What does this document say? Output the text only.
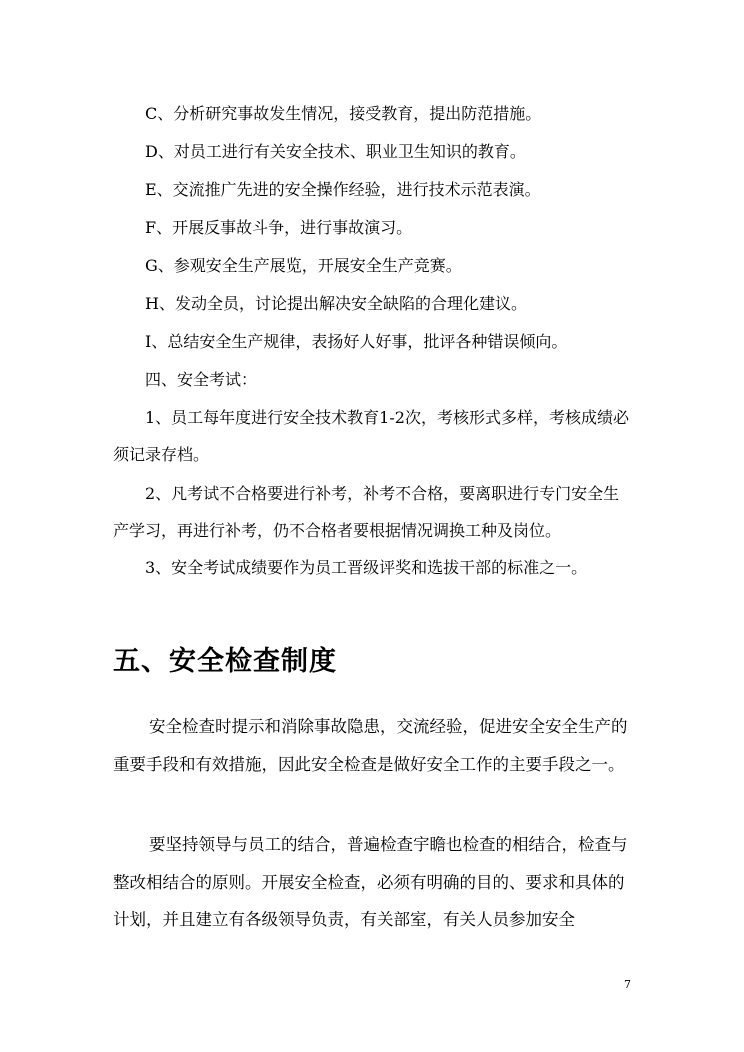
C、分析研究事故发生情况，接受教育，提出防范措施。

D、对员工进行有关安全技术、职业卫生知识的教育。

E、交流推广先进的安全操作经验，进行技术示范表演。

F、开展反事故斗争，进行事故演习。

G、参观安全生产展览，开展安全生产竞赛。

H、发动全员，讨论提出解决安全缺陷的合理化建议。

I、总结安全生产规律，表扬好人好事，批评各种错误倾向。

四、安全考试：

1、员工每年度进行安全技术教育1-2次，考核形式多样，考核成绩必须记录存档。

2、凡考试不合格要进行补考，补考不合格，要离职进行专门安全生产学习，再进行补考，仍不合格者要根据情况调换工种及岗位。

3、安全考试成绩要作为员工晋级评奖和选拔干部的标准之一。

五、安全检查制度

安全检查时提示和消除事故隐患，交流经验，促进安全安全生产的重要手段和有效措施，因此安全检查是做好安全工作的主要手段之一。

要坚持领导与员工的结合，普遍检查宇瞻也检查的相结合，检查与整改相结合的原则。开展安全检查，必须有明确的目的、要求和具体的计划，并且建立有各级领导负责，有关部室，有关人员参加安全

7
